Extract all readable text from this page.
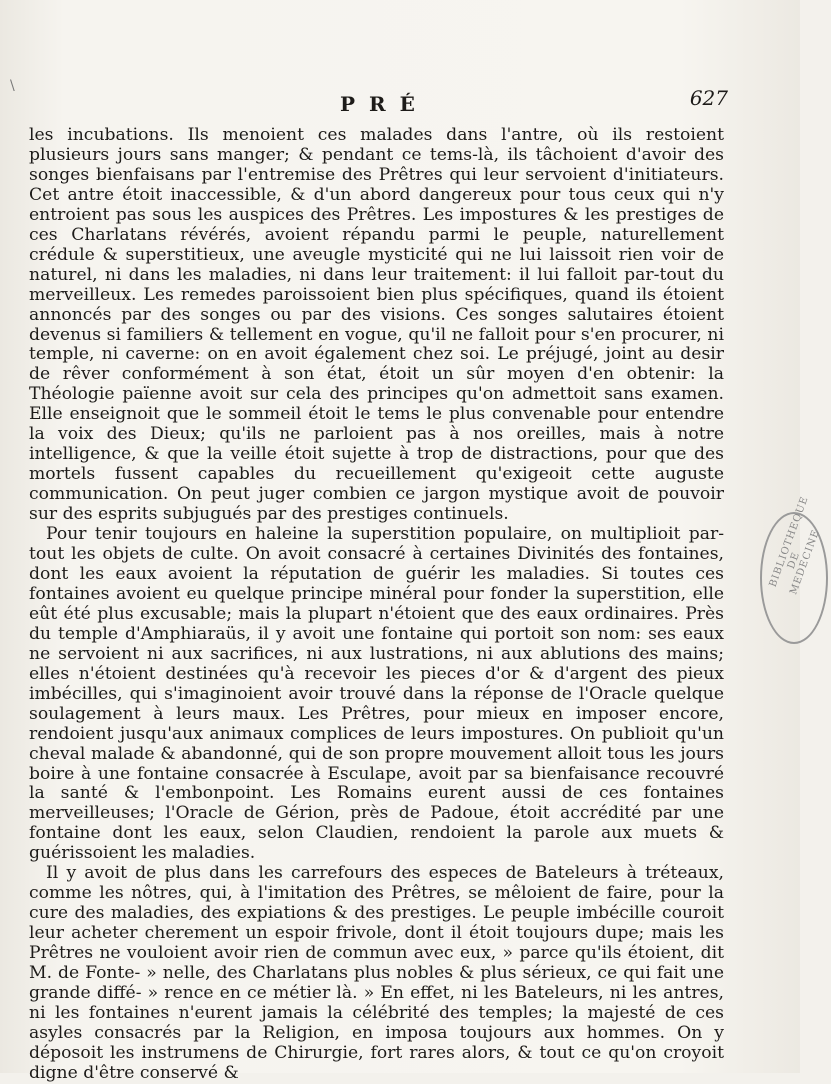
\
PRÉ	627

les incubations. Ils menoient ces malades dans l'antre, où ils restoient plusieurs jours sans manger; & pendant ce tems-là, ils tâchoient d'avoir des songes bienfaisans par l'entremise des Prêtres qui leur servoient d'initiateurs. Cet antre étoit inaccessible, & d'un abord dangereux pour tous ceux qui n'y entroient pas sous les auspices des Prêtres. Les impostures & les prestiges de ces Charlatans révérés, avoient répandu parmi le peuple, naturellement crédule & superstitieux, une aveugle mysticité qui ne lui laissoit rien voir de naturel, ni dans les maladies, ni dans leur traitement: il lui falloit par-tout du merveilleux. Les remedes paroissoient bien plus spécifiques, quand ils étoient annoncés par des songes ou par des visions. Ces songes salutaires étoient devenus si familiers & tellement en vogue, qu'il ne falloit pour s'en procurer, ni temple, ni caverne: on en avoit également chez soi. Le préjugé, joint au desir de rêver conformément à son état, étoit un sûr moyen d'en obtenir: la Théologie païenne avoit sur cela des principes qu'on admettoit sans examen. Elle enseignoit que le sommeil étoit le tems le plus convenable pour entendre la voix des Dieux; qu'ils ne parloient pas à nos oreilles, mais à notre intelligence, & que la veille étoit sujette à trop de distractions, pour que des mortels fussent capables du recueillement qu'exigeoit cette auguste communication. On peut juger combien ce jargon mystique avoit de pouvoir sur des esprits subjugués par des prestiges continuels.

Pour tenir toujours en haleine la superstition populaire, on multiplioit par-tout les objets de culte. On avoit consacré à certaines Divinités des fontaines, dont les eaux avoient la réputation de guérir les maladies. Si toutes ces fontaines avoient eu quelque principe minéral pour fonder la superstition, elle eût été plus excusable; mais la plupart n'étoient que des eaux ordinaires. Près du temple d'Amphiaraüs, il y avoit une fontaine qui portoit son nom: ses eaux ne servoient ni aux sacrifices, ni aux lustrations, ni aux ablutions des mains; elles n'étoient destinées qu'à recevoir les pieces d'or & d'argent des pieux imbécilles, qui s'imaginoient avoir trouvé dans la réponse de l'Oracle quelque soulagement à leurs maux. Les Prêtres, pour mieux en imposer encore, rendoient jusqu'aux animaux complices de leurs impostures. On publioit qu'un cheval malade & abandonné, qui de son propre mouvement alloit tous les jours boire à une fontaine consacrée à Esculape, avoit par sa bienfaisance recouvré la santé & l'embonpoint. Les Romains eurent aussi de ces fontaines merveilleuses; l'Oracle de Gérion, près de Padoue, étoit accrédité par une fontaine dont les eaux, selon Claudien, rendoient la parole aux muets & guérissoient les maladies.

Il y avoit de plus dans les carrefours des especes de Bateleurs à tréteaux, comme les nôtres, qui, à l'imitation des Prêtres, se mêloient de faire, pour la cure des maladies, des expiations & des prestiges. Le peuple imbécille couroit leur acheter cherement un espoir frivole, dont il étoit toujours dupe; mais les Prêtres ne vouloient avoir rien de commun avec eux, » parce qu'ils étoient, dit M. de Fonte- » nelle, des Charlatans plus nobles & plus sérieux, ce qui fait une grande diffé- » rence en ce métier là. » En effet, ni les Bateleurs, ni les antres, ni les fontaines n'eurent jamais la célébrité des temples; la majesté de ces asyles consacrés par la Religion, en imposa toujours aux hommes. On y déposoit les instrumens de Chirurgie, fort rares alors, & tout ce qu'on croyoit digne d'être conservé &

BIBLIOTHEQUE DE MEDECINE
